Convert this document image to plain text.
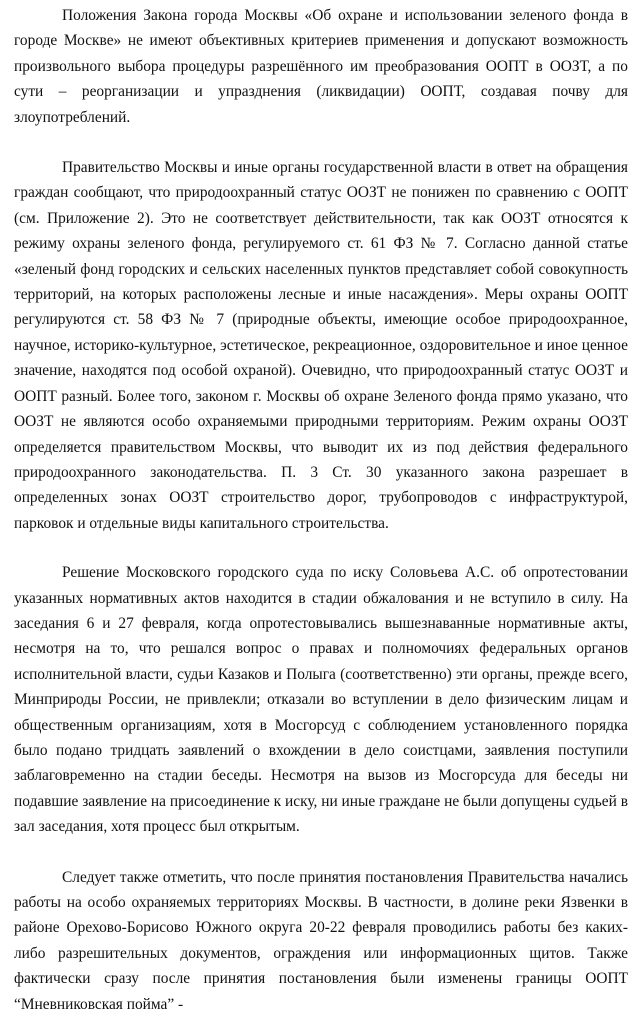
Положения Закона города Москвы «Об охране и использовании зеленого фонда в городе Москве» не имеют объективных критериев применения и допускают возможность произвольного выбора процедуры разрешённого им преобразования ООПТ в ООЗТ, а по сути – реорганизации и упразднения (ликвидации) ООПТ, создавая почву для злоупотреблений.

Правительство Москвы и иные органы государственной власти в ответ на обращения граждан сообщают, что природоохранный статус ООЗТ не понижен по сравнению с ООПТ (см. Приложение 2). Это не соответствует действительности, так как ООЗТ относятся к режиму охраны зеленого фонда, регулируемого ст. 61 ФЗ № 7. Согласно данной статье «зеленый фонд городских и сельских населенных пунктов представляет собой совокупность территорий, на которых расположены лесные и иные насаждения». Меры охраны ООПТ регулируются ст. 58 ФЗ № 7 (природные объекты, имеющие особое природоохранное, научное, историко-культурное, эстетическое, рекреационное, оздоровительное и иное ценное значение, находятся под особой охраной). Очевидно, что природоохранный статус ООЗТ и ООПТ разный. Более того, законом г. Москвы об охране Зеленого фонда прямо указано, что ООЗТ не являются особо охраняемыми природными территориям. Режим охраны ООЗТ определяется правительством Москвы, что выводит их из под действия федерального природоохранного законодательства. П. 3 Ст. 30 указанного закона разрешает в определенных зонах ООЗТ строительство дорог, трубопроводов с инфраструктурой, парковок и отдельные виды капитального строительства.

Решение Московского городского суда по иску Соловьева А.С. об опротестовании указанных нормативных актов находится в стадии обжалования и не вступило в силу. На заседания 6 и 27 февраля, когда опротестовывались вышезнаванные нормативные акты, несмотря на то, что решался вопрос о правах и полномочиях федеральных органов исполнительной власти, судьи Казаков и Полыга (соответственно) эти органы, прежде всего, Минприроды России, не привлекли; отказали во вступлении в дело физическим лицам и общественным организациям, хотя в Мосгорсуд с соблюдением установленного порядка было подано тридцать заявлений о вхождении в дело соистцами, заявления поступили заблаговременно на стадии беседы. Несмотря на вызов из Мосгорсуда для беседы ни подавшие заявление на присоединение к иску, ни иные граждане не были допущены судьей в зал заседания, хотя процесс был открытым.

Следует также отметить, что после принятия постановления Правительства начались работы на особо охраняемых территориях Москвы. В частности, в долине реки Язвенки в районе Орехово-Борисово Южного округа 20-22 февраля проводились работы без каких-либо разрешительных документов, ограждения или информационных щитов. Также фактически сразу после принятия постановления были изменены границы ООПТ “Мневниковская пойма” -
